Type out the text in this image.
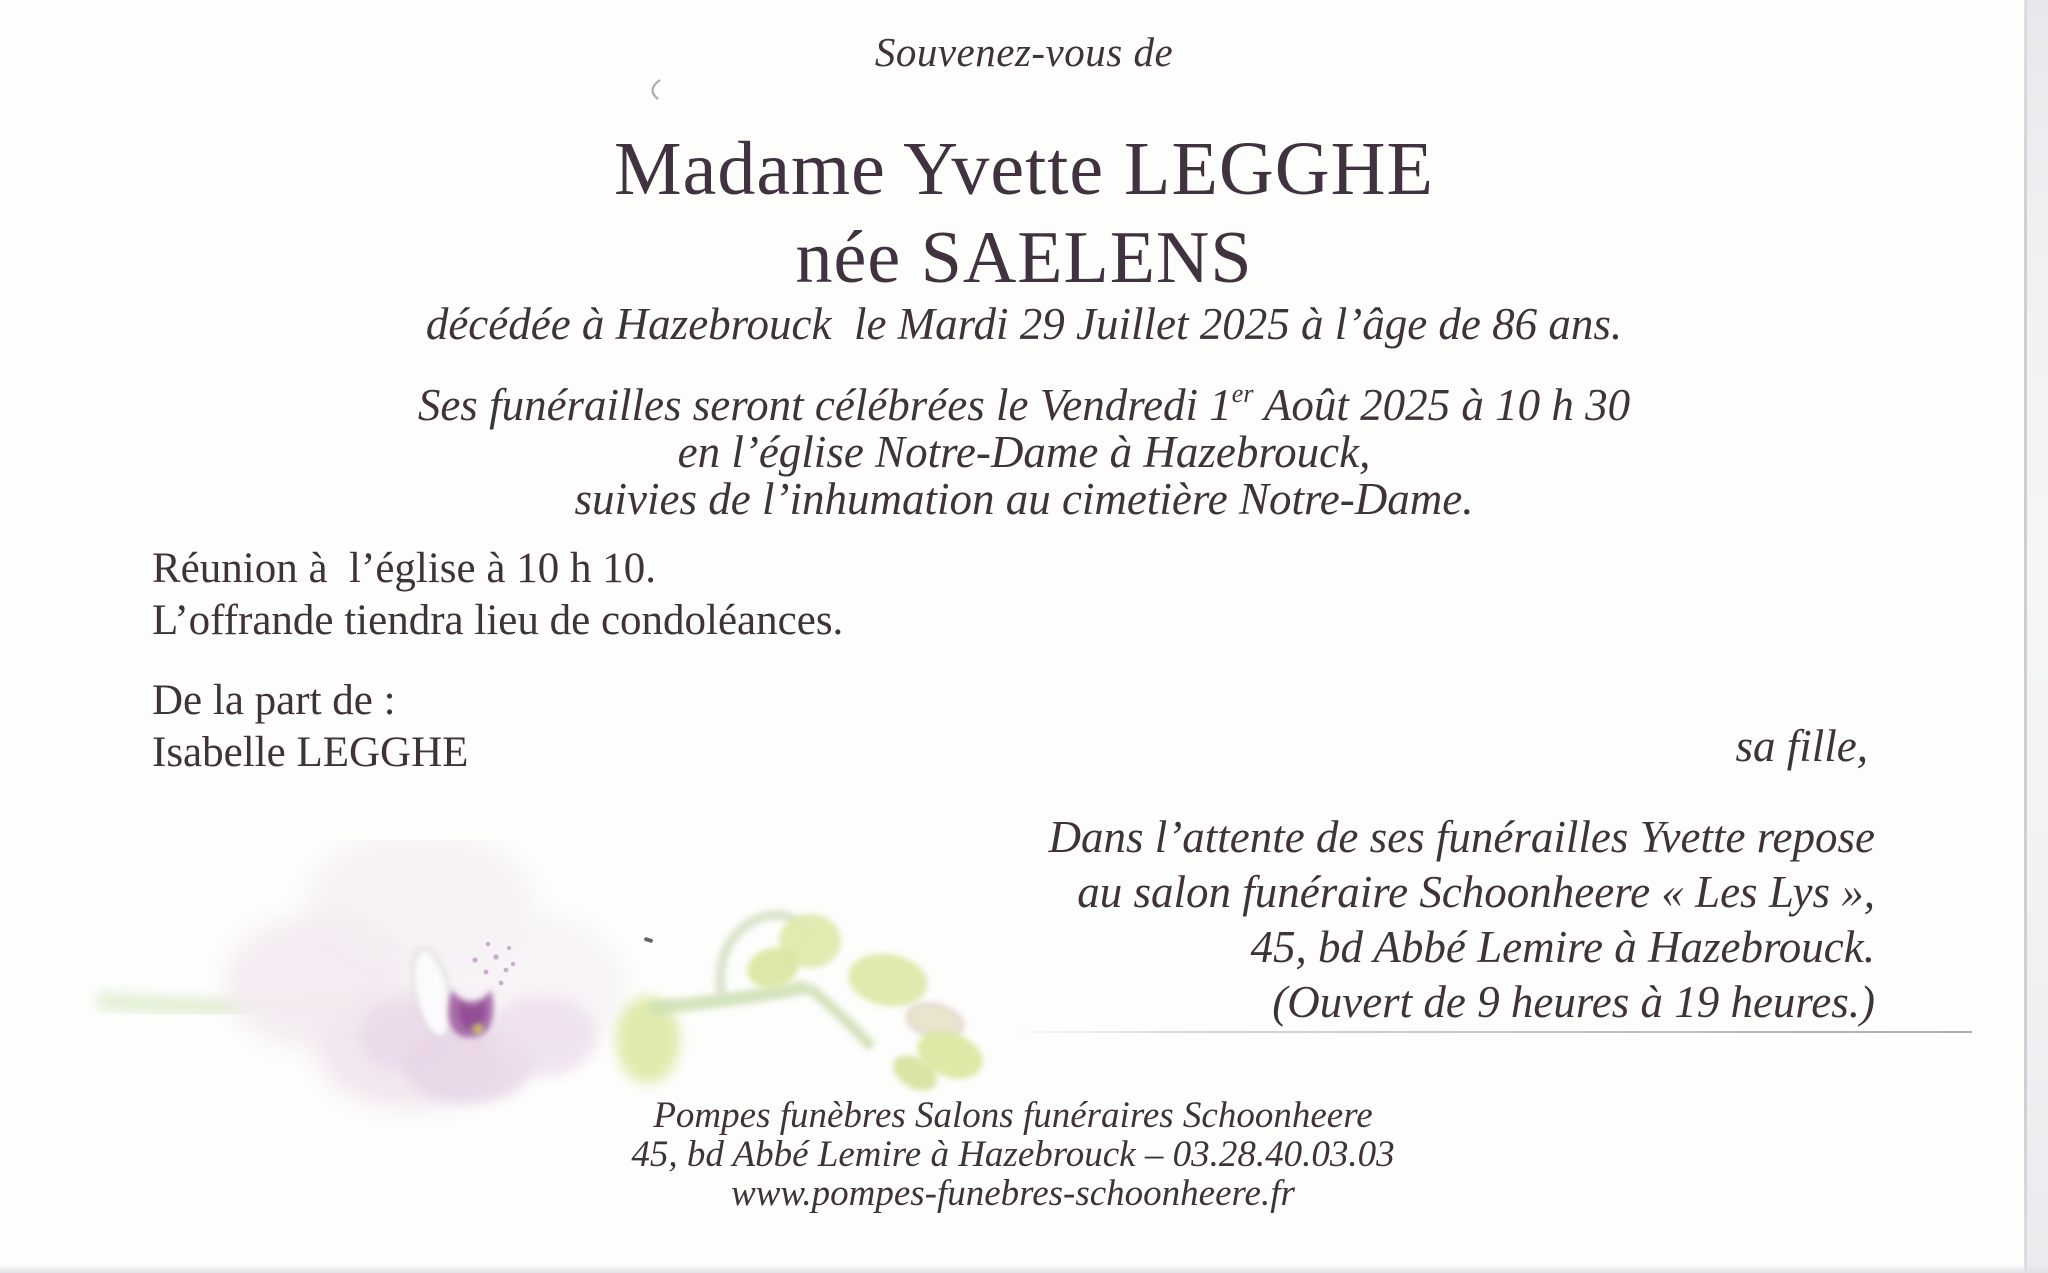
Souvenez-vous de
Madame Yvette LEGGHE
née SAELENS
décédée à Hazebrouck  le Mardi 29 Juillet 2025 à l’âge de 86 ans.
Ses funérailles seront célébrées le Vendredi 1er Août 2025 à 10 h 30
en l’église Notre-Dame à Hazebrouck,
suivies de l’inhumation au cimetière Notre-Dame.
Réunion à  l’église à 10 h 10.
L’offrande tiendra lieu de condoléances.
De la part de :
Isabelle LEGGHE	sa fille,
Dans l’attente de ses funérailles Yvette repose
au salon funéraire Schoonheere « Les Lys »,
45, bd Abbé Lemire à Hazebrouck.
(Ouvert de 9 heures à 19 heures.)
Pompes funèbres Salons funéraires Schoonheere
45, bd Abbé Lemire à Hazebrouck – 03.28.40.03.03
www.pompes-funebres-schoonheere.fr
